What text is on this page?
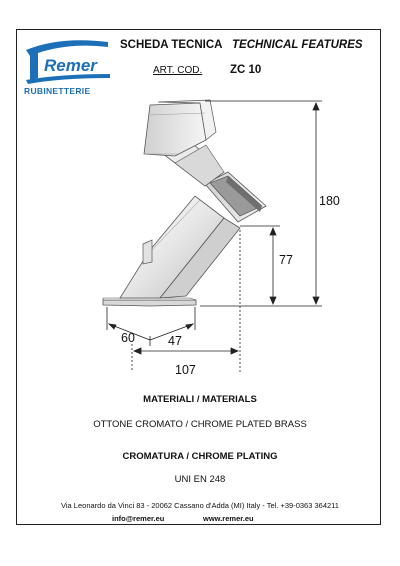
Remer
RUBINETTERIE
SCHEDA TECNICA TECHNICAL FEATURES
ART. COD. ZC 10
180
77
60	47
107
MATERIALI / MATERIALS
OTTONE CROMATO / CHROME PLATED BRASS
CROMATURA / CHROME PLATING
UNI EN 248
Via Leonardo da Vinci 83 - 20062 Cassano d'Adda (MI) Italy - Tel. +39-0363 364211
info@remer.eu	www.remer.eu
